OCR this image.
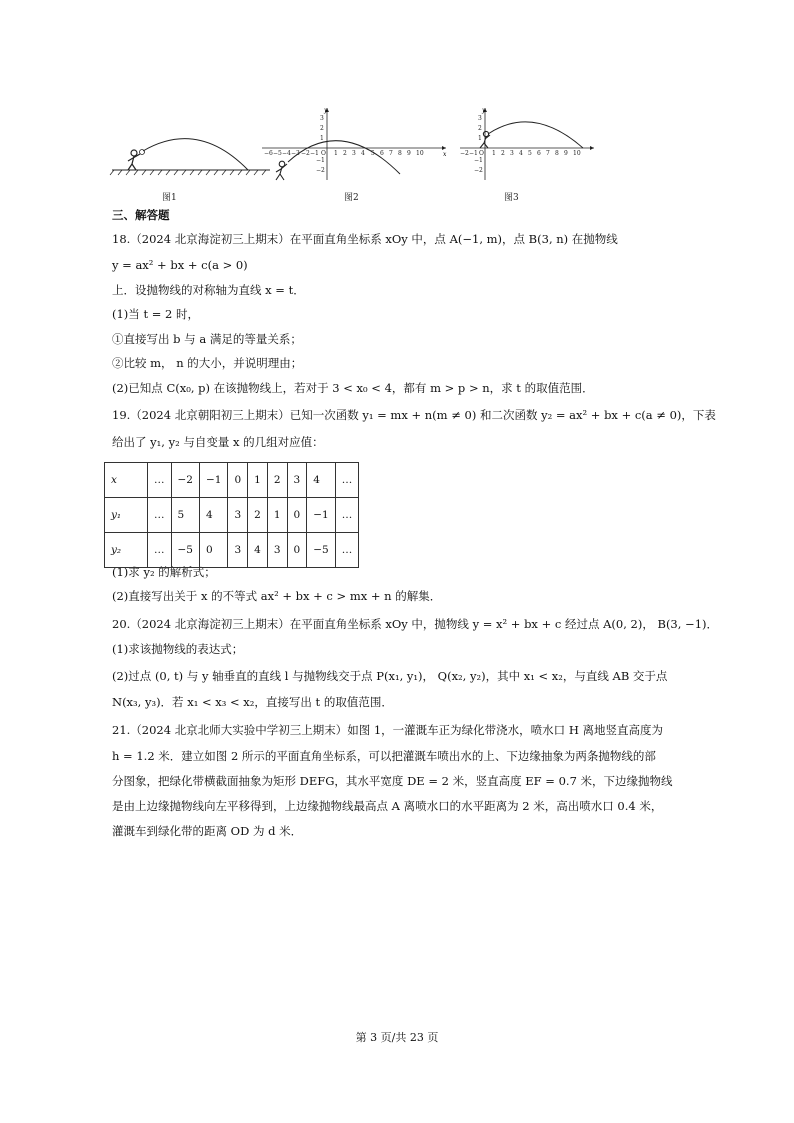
图1
y
x
−6 −5 −4 −3 −2 −1 O 1 2 3 4 5 6 7 8 9 10
3
2
1
−1
−2
图2
y
−2 −1 O 1 2 3 4 5 6 7 8 9 10
3
2
1
−1
−2
图3
三、解答题
18.（2024 北京海淀初三上期末）在平面直角坐标系 xOy 中，点 A(−1, m)，点 B(3, n) 在抛物线
y = ax² + bx + c(a > 0)
上．设抛物线的对称轴为直线 x = t．
(1)当 t = 2 时，
①直接写出 b 与 a 满足的等量关系；
②比较 m， n 的大小，并说明理由；
(2)已知点 C(x₀, p) 在该抛物线上，若对于 3 < x₀ < 4，都有 m > p > n，求 t 的取值范围．
19.（2024 北京朝阳初三上期末）已知一次函数 y₁ = mx + n(m ≠ 0) 和二次函数 y₂ = ax² + bx + c(a ≠ 0)，下表
给出了 y₁, y₂ 与自变量 x 的几组对应值：
(1)求 y₂ 的解析式；
(2)直接写出关于 x 的不等式 ax² + bx + c > mx + n 的解集．
20.（2024 北京海淀初三上期末）在平面直角坐标系 xOy 中，抛物线 y = x² + bx + c 经过点 A(0, 2)， B(3, −1)．
(1)求该抛物线的表达式；
(2)过点 (0, t) 与 y 轴垂直的直线 l 与抛物线交于点 P(x₁, y₁)， Q(x₂, y₂)，其中 x₁ < x₂，与直线 AB 交于点
N(x₃, y₃)．若 x₁ < x₃ < x₂，直接写出 t 的取值范围．
21.（2024 北京北师大实验中学初三上期末）如图 1，一灌溉车正为绿化带浇水，喷水口 H 离地竖直高度为
h = 1.2 米．建立如图 2 所示的平面直角坐标系，可以把灌溉车喷出水的上、下边缘抽象为两条抛物线的部
分图象，把绿化带横截面抽象为矩形 DEFG，其水平宽度 DE = 2 米，竖直高度 EF = 0.7 米，下边缘抛物线
是由上边缘抛物线向左平移得到，上边缘抛物线最高点 A 离喷水口的水平距离为 2 米，高出喷水口 0.4 米，
灌溉车到绿化带的距离 OD 为 d 米．
x	…	−2	−1	0	1	2	3	4	…
y₁	…	5	4	3	2	1	0	−1	…
y₂	…	−5	0	3	4	3	0	−5	…
第 3 页/共 23 页
